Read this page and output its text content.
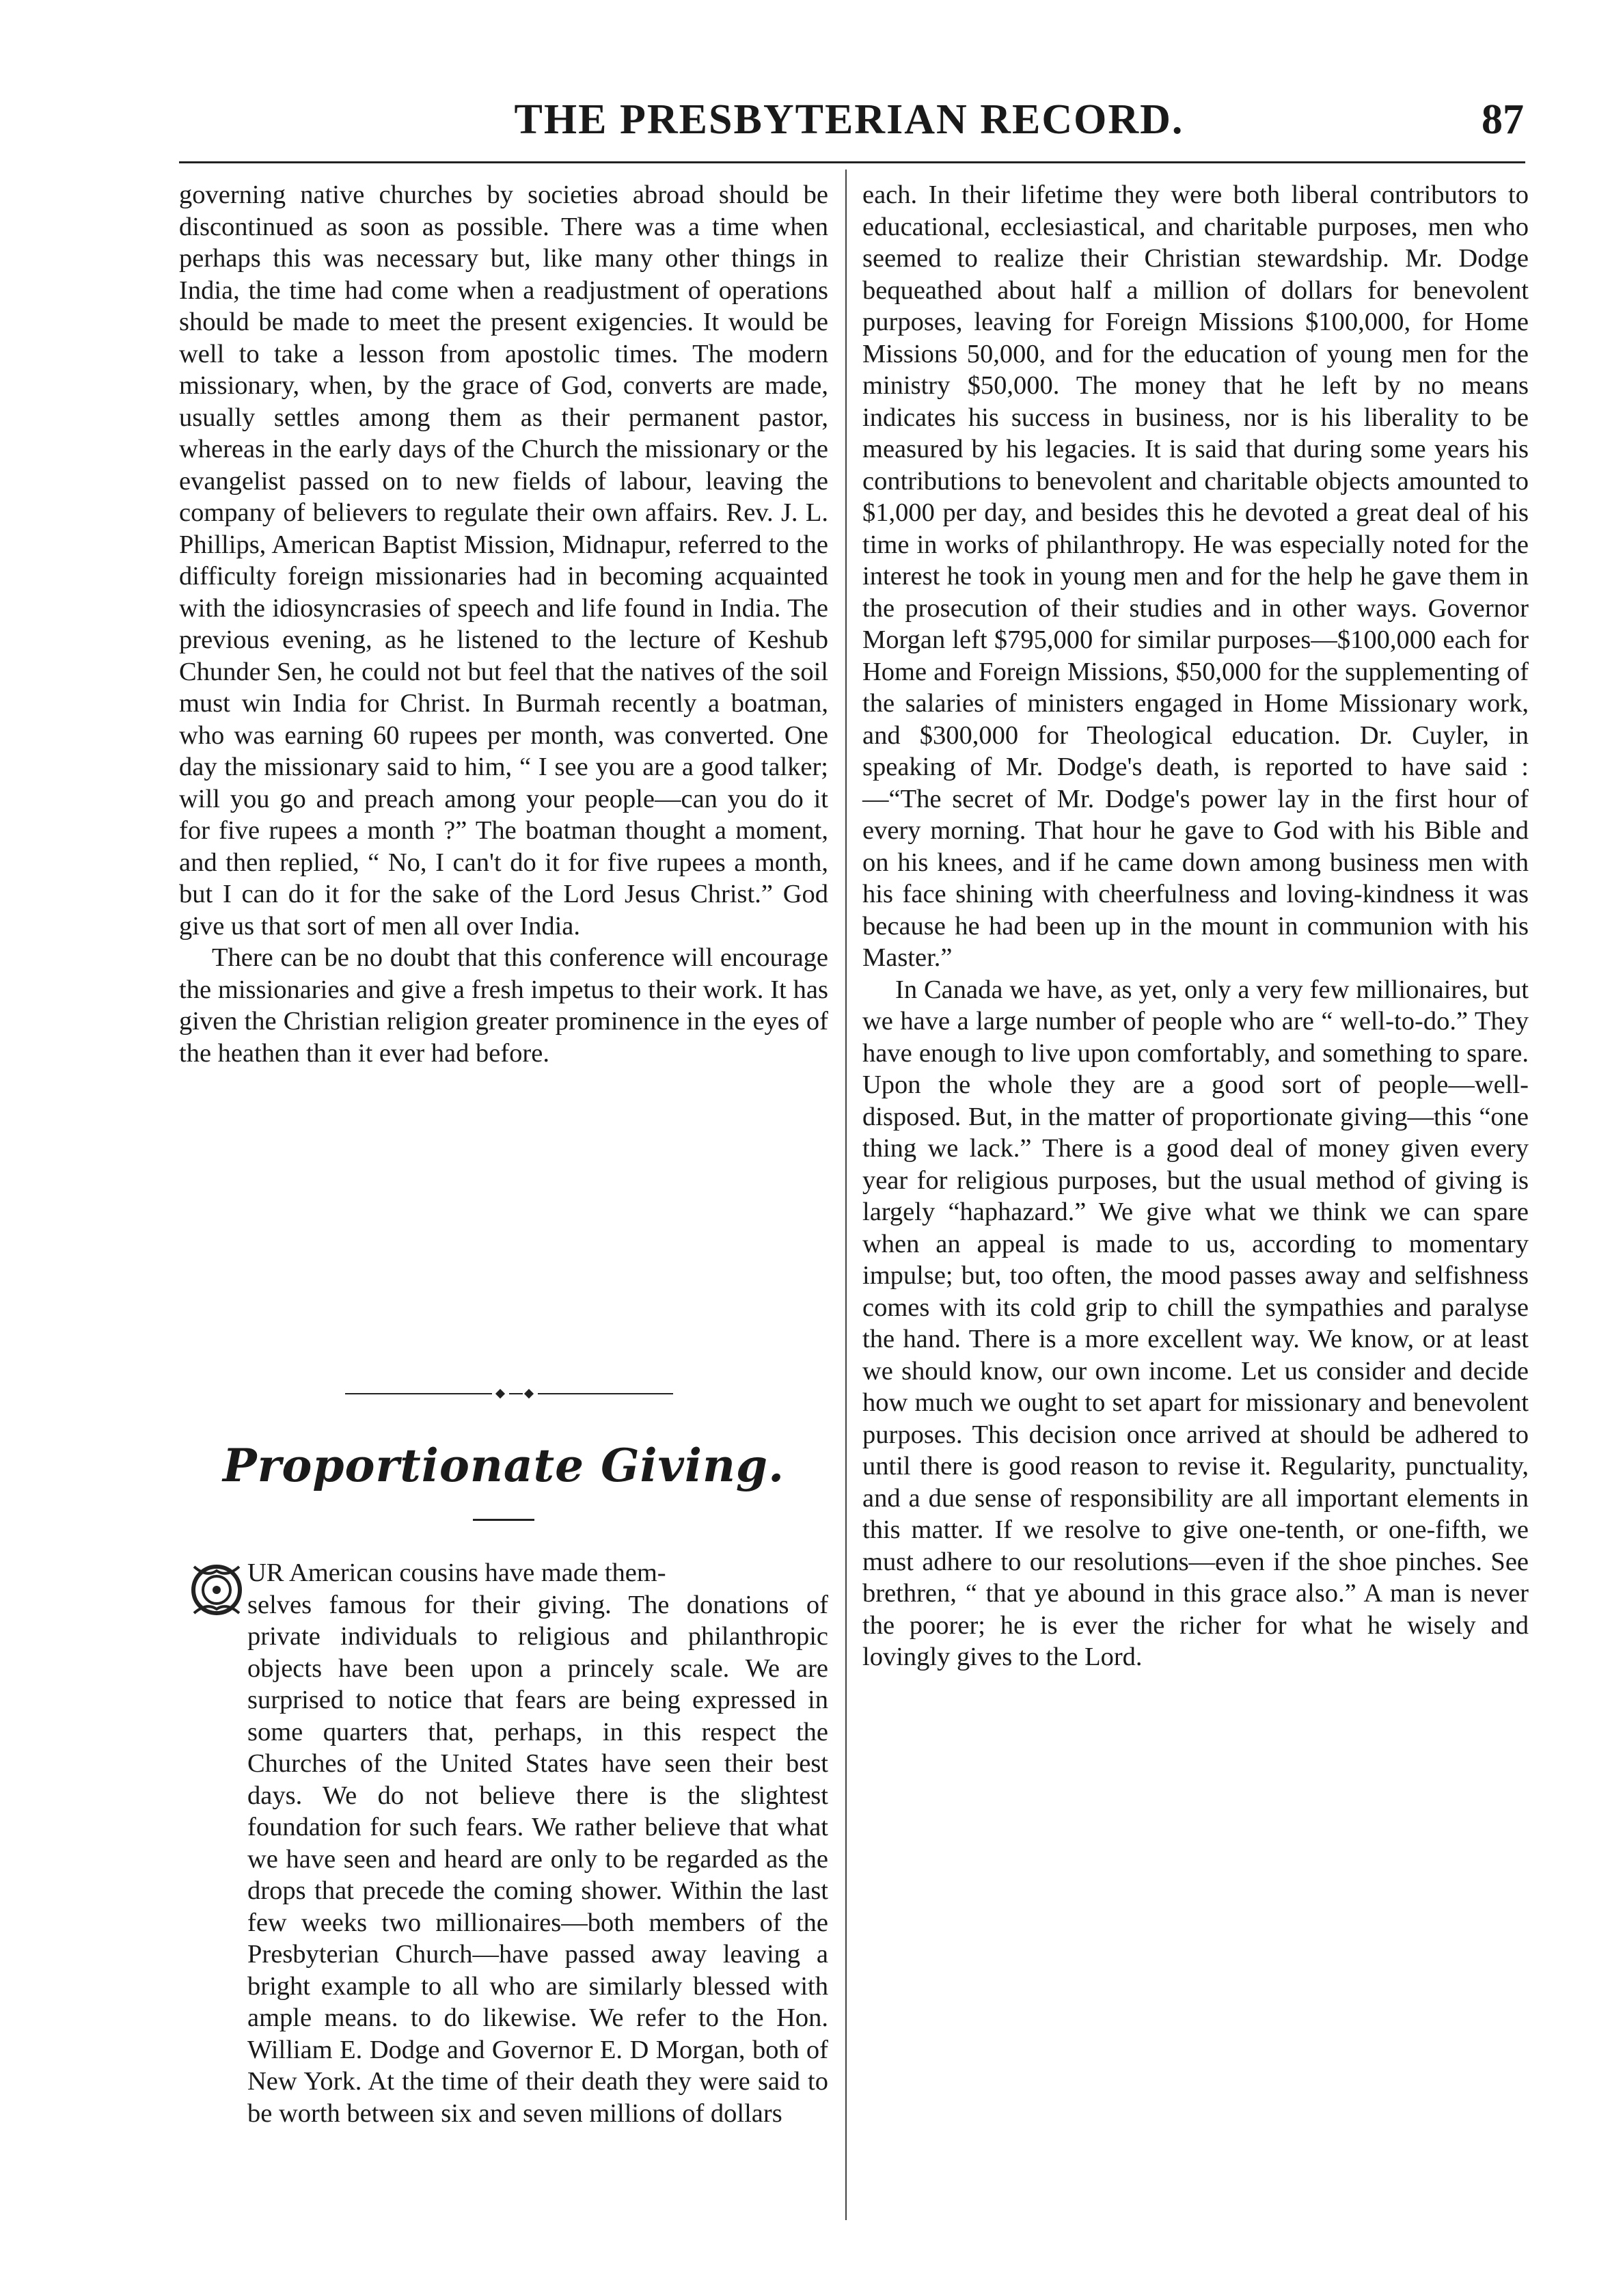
THE PRESBYTERIAN RECORD.	87

governing native churches by societies abroad should be discontinued as soon as possible. There was a time when perhaps this was necessary but, like many other things in India, the time had come when a readjustment of operations should be made to meet the present exigencies. It would be well to take a lesson from apostolic times. The modern missionary, when, by the grace of God, converts are made, usually settles among them as their permanent pastor, whereas in the early days of the Church the missionary or the evangelist passed on to new fields of labour, leaving the company of believers to regulate their own affairs. Rev. J. L. Phillips, American Baptist Mission, Midnapur, referred to the difficulty foreign missionaries had in becoming acquainted with the idiosyncrasies of speech and life found in India. The previous evening, as he listened to the lecture of Keshub Chunder Sen, he could not but feel that the natives of the soil must win India for Christ. In Burmah recently a boatman, who was earning 60 rupees per month, was converted. One day the missionary said to him, “ I see you are a good talker; will you go and preach among your people—can you do it for five rupees a month ?” The boatman thought a moment, and then replied, “ No, I can't do it for five rupees a month, but I can do it for the sake of the Lord Jesus Christ.” God give us that sort of men all over India.

There can be no doubt that this conference will encourage the missionaries and give a fresh impetus to their work. It has given the Christian religion greater prominence in the eyes of the heathen than it ever had before.

Proportionate Giving.
O

UR American cousins have made them-

selves famous for their giving. The donations of private individuals to religious and philanthropic objects have been upon a princely scale. We are surprised to notice that fears are being expressed in some quarters that, perhaps, in this respect the Churches of the United States have seen their best days. We do not believe there is the slightest foundation for such fears. We rather believe that what we have seen and heard are only to be regarded as the drops that precede the coming shower. Within the last few weeks two millionaires—both members of the Presbyterian Church—have passed away leaving a bright example to all who are similarly blessed with ample means. to do likewise. We refer to the Hon. William E. Dodge and Governor E. D Morgan, both of New York. At the time of their death they were said to be worth between six and seven millions of dollars

each. In their lifetime they were both liberal contributors to educational, ecclesiastical, and charitable purposes, men who seemed to realize their Christian stewardship. Mr. Dodge bequeathed about half a million of dollars for benevolent purposes, leaving for Foreign Missions $100,000, for Home Missions 50,000, and for the education of young men for the ministry $50,000. The money that he left by no means indicates his success in business, nor is his liberality to be measured by his legacies. It is said that during some years his contributions to benevolent and charitable objects amounted to $1,000 per day, and besides this he devoted a great deal of his time in works of philanthropy. He was especially noted for the interest he took in young men and for the help he gave them in the prosecution of their studies and in other ways. Governor Morgan left $795,000 for similar purposes—$100,000 each for Home and Foreign Missions, $50,000 for the supplementing of the salaries of ministers engaged in Home Missionary work, and $300,000 for Theological education. Dr. Cuyler, in speaking of Mr. Dodge's death, is reported to have said :—“The secret of Mr. Dodge's power lay in the first hour of every morning. That hour he gave to God with his Bible and on his knees, and if he came down among business men with his face shining with cheerfulness and loving-kindness it was because he had been up in the mount in communion with his Master.”

In Canada we have, as yet, only a very few millionaires, but we have a large number of people who are “ well-to-do.” They have enough to live upon comfortably, and something to spare. Upon the whole they are a good sort of people—well-disposed. But, in the matter of proportionate giving—this “one thing we lack.” There is a good deal of money given every year for religious purposes, but the usual method of giving is largely “haphazard.” We give what we think we can spare when an appeal is made to us, according to momentary impulse; but, too often, the mood passes away and selfishness comes with its cold grip to chill the sympathies and paralyse the hand. There is a more excellent way. We know, or at least we should know, our own income. Let us consider and decide how much we ought to set apart for missionary and benevolent purposes. This decision once arrived at should be adhered to until there is good reason to revise it. Regularity, punctuality, and a due sense of responsibility are all important elements in this matter. If we resolve to give one-tenth, or one-fifth, we must adhere to our resolutions—even if the shoe pinches. See brethren, “ that ye abound in this grace also.” A man is never the poorer; he is ever the richer for what he wisely and lovingly gives to the Lord.
